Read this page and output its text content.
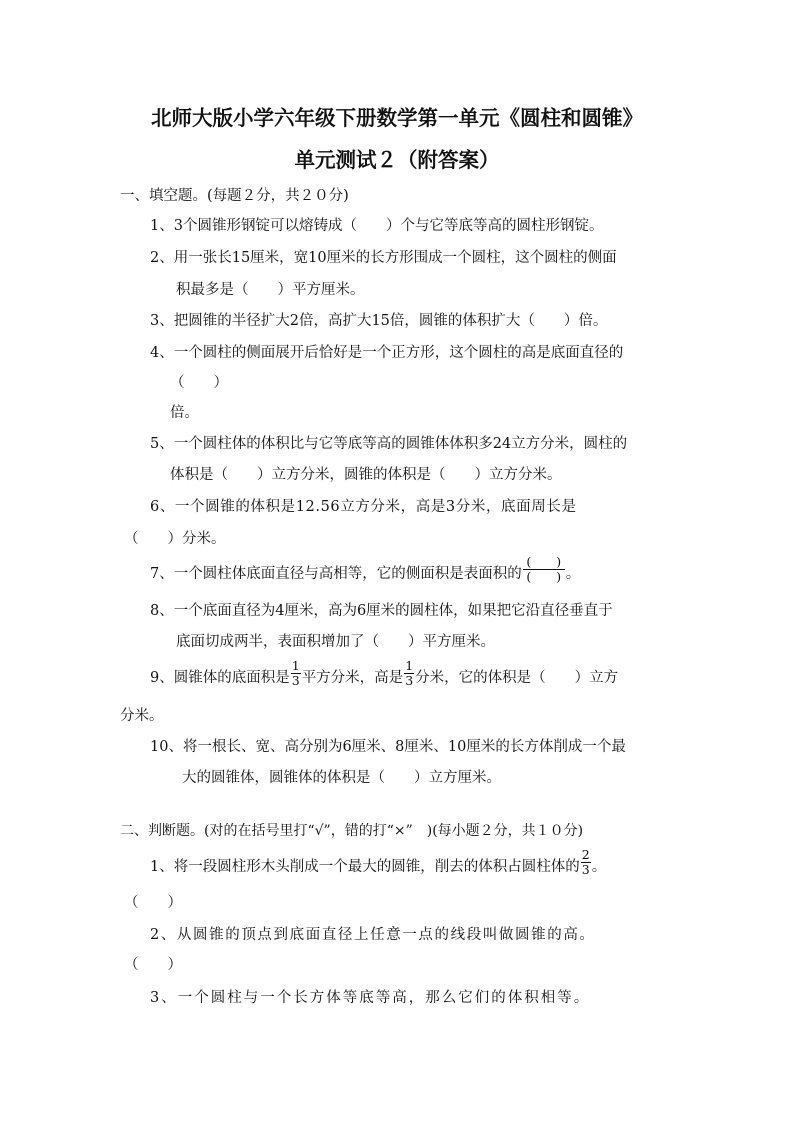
北师大版小学六年级下册数学第一单元《圆柱和圆锥》
单元测试２（附答案）
一、填空题。(每题２分，共２０分)
1、3个圆锥形钢锭可以熔铸成（　　）个与它等底等高的圆柱形钢锭。
2、用一张长15厘米，宽10厘米的长方形围成一个圆柱，这个圆柱的侧面
积最多是（　　）平方厘米。
3、把圆锥的半径扩大2倍，高扩大15倍，圆锥的体积扩大（　　）倍。
4、一个圆柱的侧面展开后恰好是一个正方形，这个圆柱的高是底面直径的
（　　）
倍。
5、一个圆柱体的体积比与它等底等高的圆锥体体积多24立方分米，圆柱的
体积是（　　）立方分米，圆锥的体积是（　　）立方分米。
6、一个圆锥的体积是12.56立方分米，高是3分米，底面周长是
（　　）分米。
7、一个圆柱体底面直径与高相等，它的侧面积是表面积的 $\frac{( )}{( )}$ 。
8、一个底面直径为4厘米，高为6厘米的圆柱体，如果把它沿直径垂直于
底面切成两半，表面积增加了（　　）平方厘米。
9、圆锥体的底面积是 $\frac{1}{3}$ 平方分米，高是 $\frac{1}{3}$ 分米，它的体积是（　　）立方
分米。
10、将一根长、宽、高分别为6厘米、8厘米、10厘米的长方体削成一个最
大的圆锥体，圆锥体的体积是（　　）立方厘米。
二、判断题。(对的在括号里打“√”，错的打“×”　)(每小题２分，共１０分)
1、将一段圆柱形木头削成一个最大的圆锥，削去的体积占圆柱体的 $\frac{2}{3}$ 。
（　　）
2、从圆锥的顶点到底面直径上任意一点的线段叫做圆锥的高。
（　　）
3、一个圆柱与一个长方体等底等高，那么它们的体积相等。
